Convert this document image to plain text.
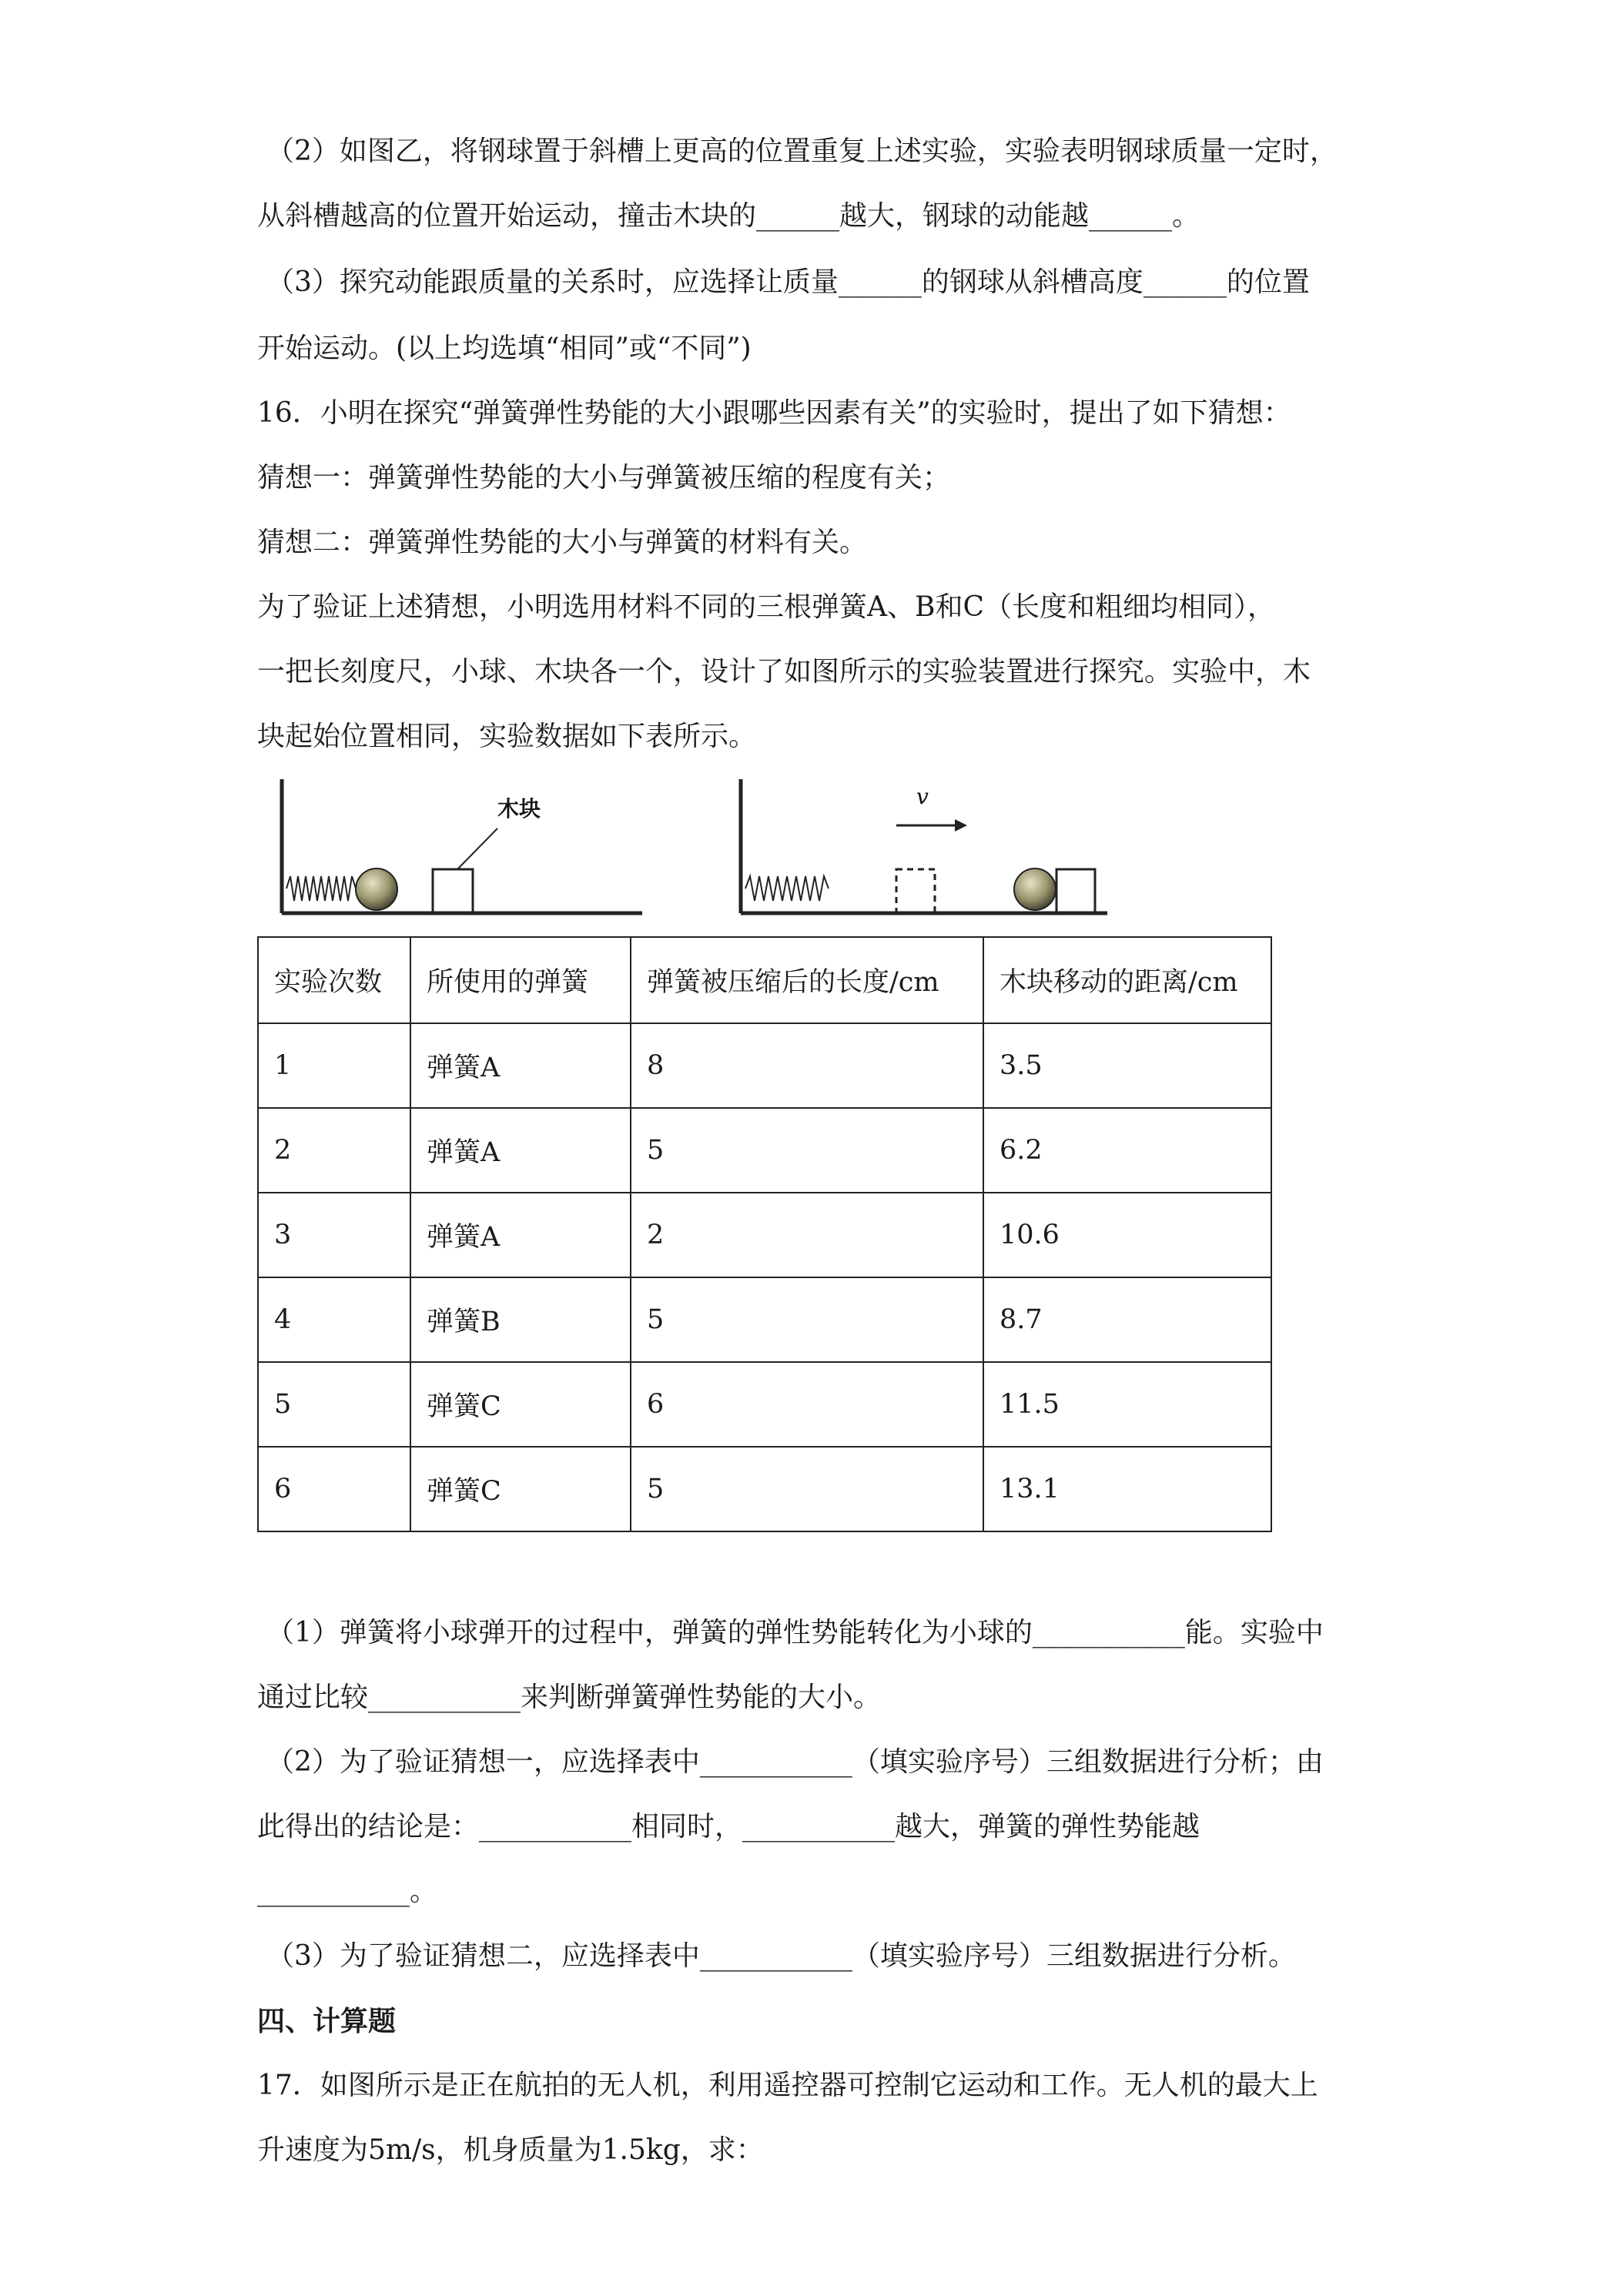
（2）如图乙，将钢球置于斜槽上更高的位置重复上述实验，实验表明钢球质量一定时，
从斜槽越高的位置开始运动，撞击木块的______越大，钢球的动能越______。
（3）探究动能跟质量的关系时，应选择让质量______的钢球从斜槽高度______的位置
开始运动。(以上均选填“相同”或“不同”)
16．小明在探究“弹簧弹性势能的大小跟哪些因素有关”的实验时，提出了如下猜想：
猜想一：弹簧弹性势能的大小与弹簧被压缩的程度有关；
猜想二：弹簧弹性势能的大小与弹簧的材料有关。
为了验证上述猜想，小明选用材料不同的三根弹簧A、B和C（长度和粗细均相同），
一把长刻度尺，小球、木块各一个，设计了如图所示的实验装置进行探究。实验中，木
块起始位置相同，实验数据如下表所示。
木块	v
实验次数	所使用的弹簧	弹簧被压缩后的长度/cm	木块移动的距离/cm
1	弹簧A	8	3.5
2	弹簧A	5	6.2
3	弹簧A	2	10.6
4	弹簧B	5	8.7
5	弹簧C	6	11.5
6	弹簧C	5	13.1
（1）弹簧将小球弹开的过程中，弹簧的弹性势能转化为小球的___________能。实验中
通过比较___________来判断弹簧弹性势能的大小。
（2）为了验证猜想一，应选择表中___________（填实验序号）三组数据进行分析；由
此得出的结论是：___________相同时，___________越大，弹簧的弹性势能越
___________。
（3）为了验证猜想二，应选择表中___________（填实验序号）三组数据进行分析。
四、计算题
17．如图所示是正在航拍的无人机，利用遥控器可控制它运动和工作。无人机的最大上
升速度为5m/s，机身质量为1.5kg，求：
